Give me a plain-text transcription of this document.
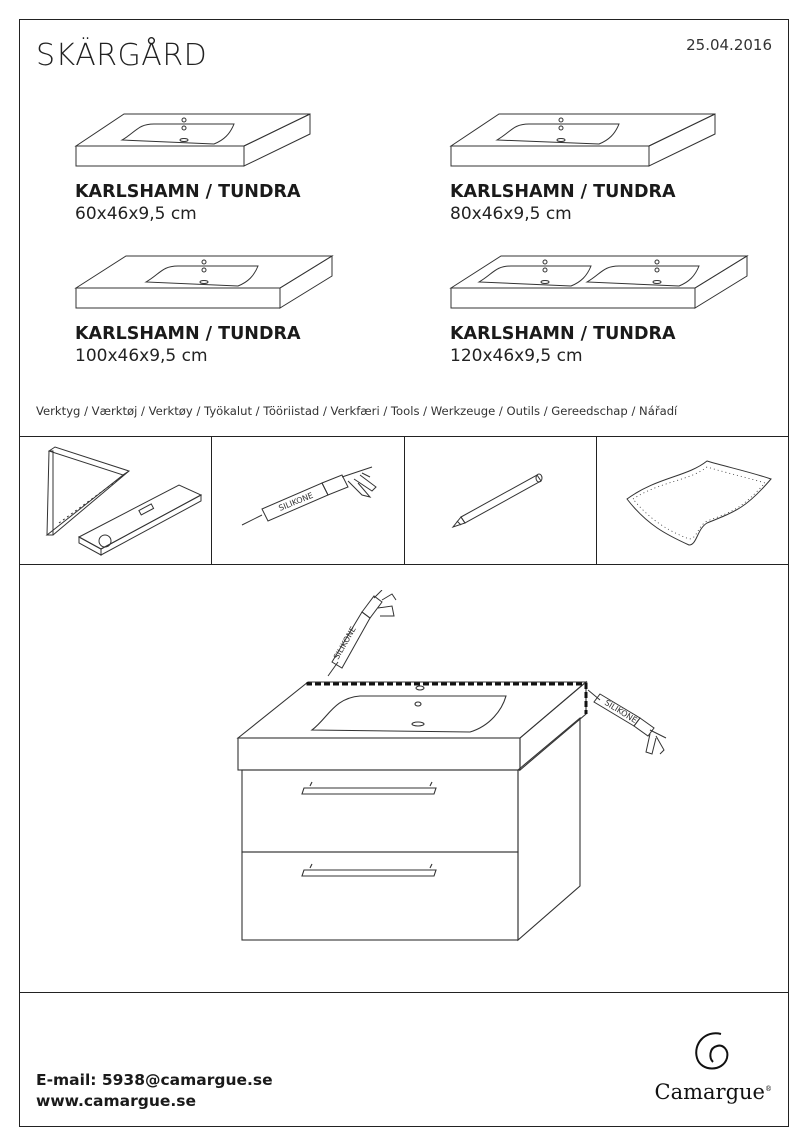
SKÄRGÅRD	25.04.2016
KARLSHAMN / TUNDRA
60x46x9,5 cm
KARLSHAMN / TUNDRA
80x46x9,5 cm
KARLSHAMN / TUNDRA
100x46x9,5 cm
KARLSHAMN / TUNDRA
120x46x9,5 cm
Verktyg / Værktøj / Verktøy / Työkalut / Tööriistad / Verkfæri / Tools / Werkzeuge / Outils / Gereedschap / Nářadí
SILIKONE
SILIKONE
SILIKONE
E-mail: 5938@camargue.se
www.camargue.se	Camargue®
